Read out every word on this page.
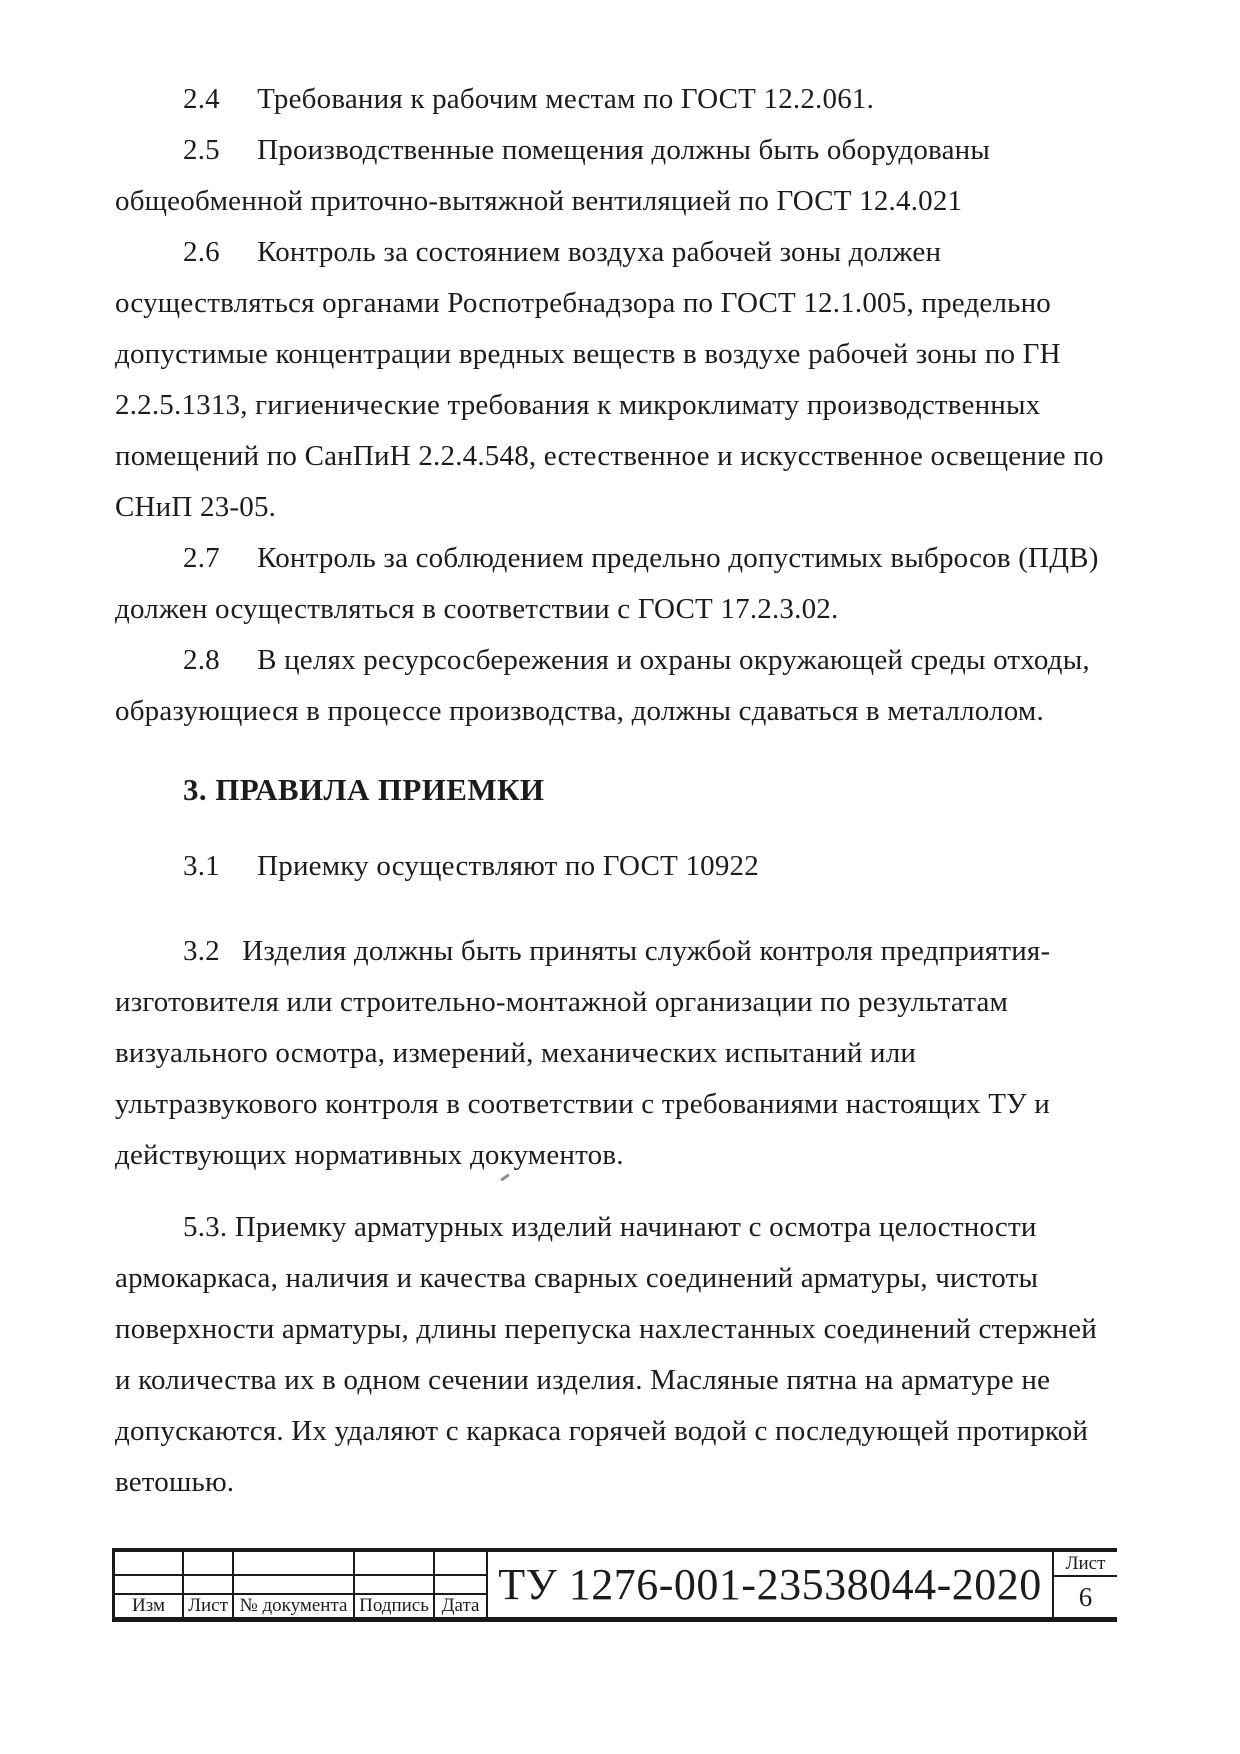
2.4     Требования к рабочим местам по ГОСТ 12.2.061.
2.5     Производственные помещения должны быть оборудованы
общеобменной приточно-вытяжной вентиляцией по ГОСТ 12.4.021
2.6     Контроль за состоянием воздуха рабочей зоны должен
осуществляться органами Роспотребнадзора по ГОСТ 12.1.005, предельно
допустимые концентрации вредных веществ в воздухе рабочей зоны по ГН
2.2.5.1313, гигиенические требования к микроклимату производственных
помещений по СанПиН 2.2.4.548, естественное и искусственное освещение по
СНиП 23-05.
2.7     Контроль за соблюдением предельно допустимых выбросов (ПДВ)
должен осуществляться в соответствии с ГОСТ 17.2.3.02.
2.8     В целях ресурсосбережения и охраны окружающей среды отходы,
образующиеся в процессе производства, должны сдаваться в металлолом.
3. ПРАВИЛА ПРИЕМКИ
3.1     Приемку осуществляют по ГОСТ 10922
3.2   Изделия должны быть приняты службой контроля предприятия-
изготовителя или строительно-монтажной организации по результатам
визуального осмотра, измерений, механических испытаний или
ультразвукового контроля в соответствии с требованиями настоящих ТУ и
действующих нормативных документов.
5.3. Приемку арматурных изделий начинают с осмотра целостности
армокаркаса, наличия и качества сварных соединений арматуры, чистоты
поверхности арматуры, длины перепуска нахлестанных соединений стержней
и количества их в одном сечении изделия. Масляные пятна на арматуре не
допускаются. Их удаляют с каркаса горячей водой с последующей протиркой
ветошью.
Изм	Лист № документа Подпись Дата ТУ 1276-001-23538044-2020	Лист
6
